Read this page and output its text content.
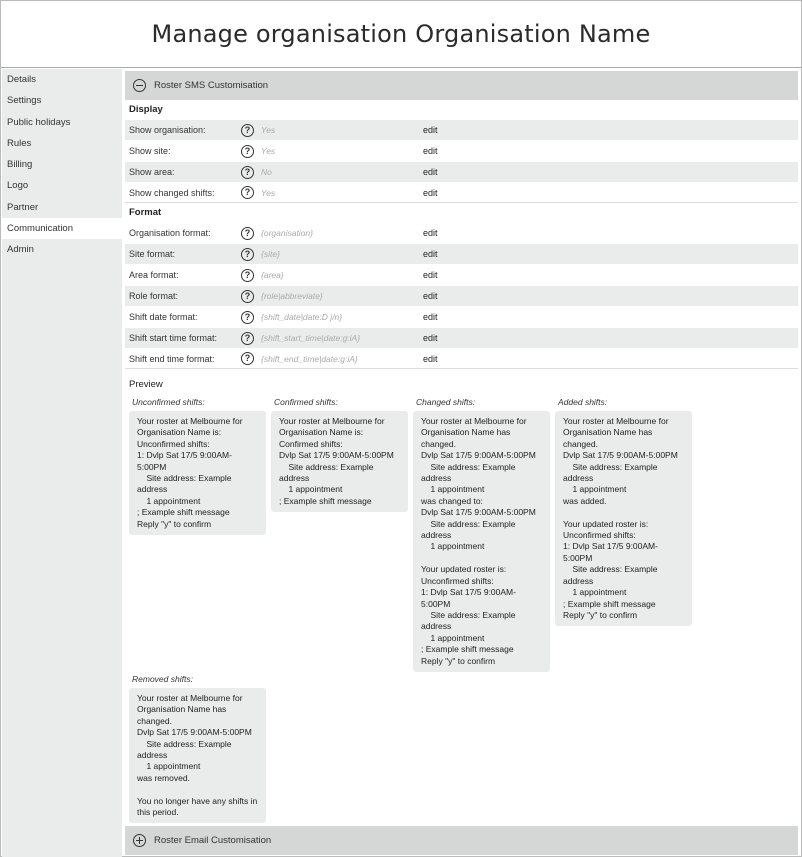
Manage organisation Organisation Name
Details
Settings
Public holidays
Rules
Billing
Logo
Partner
Communication
Admin
Roster SMS Customisation
Display
Show organisation:	?	Yes	edit
Show site:	?	Yes	edit
Show area:	?	No	edit
Show changed shifts:	?	Yes	edit
Format
Organisation format:	?	{organisation}	edit
Site format:	?	{site}	edit
Area format:	?	{area}	edit
Role format:	?	{role|abbreviate}	edit
Shift date format:	?	{shift_date|date:D j/n}	edit
Shift start time format:	?	{shift_start_time|date:g:iA}	edit
Shift end time format:	?	{shift_end_time|date:g:iA}	edit
Preview
Unconfirmed shifts:
Your roster at Melbourne for Organisation Name is:
Unconfirmed shifts:
1: Dvlp Sat 17/5 9:00AM-5:00PM
Site address: Example address
1 appointment
; Example shift message
Reply "y" to confirm
Confirmed shifts:
Your roster at Melbourne for Organisation Name is:
Confirmed shifts:
Dvlp Sat 17/5 9:00AM-5:00PM
Site address: Example address
1 appointment
; Example shift message
Changed shifts:
Your roster at Melbourne for Organisation Name has changed.
Dvlp Sat 17/5 9:00AM-5:00PM
Site address: Example address
1 appointment
was changed to:
Dvlp Sat 17/5 9:00AM-5:00PM
Site address: Example address
1 appointment

Your updated roster is:
Unconfirmed shifts:
1: Dvlp Sat 17/5 9:00AM-5:00PM
Site address: Example address
1 appointment
; Example shift message
Reply "y" to confirm
Added shifts:
Your roster at Melbourne for Organisation Name has changed.
Dvlp Sat 17/5 9:00AM-5:00PM
Site address: Example address
1 appointment
was added.

Your updated roster is:
Unconfirmed shifts:
1: Dvlp Sat 17/5 9:00AM-5:00PM
Site address: Example address
1 appointment
; Example shift message
Reply "y" to confirm
Removed shifts:
Your roster at Melbourne for Organisation Name has changed.
Dvlp Sat 17/5 9:00AM-5:00PM
Site address: Example address
1 appointment
was removed.

You no longer have any shifts in this period.
Roster Email Customisation
